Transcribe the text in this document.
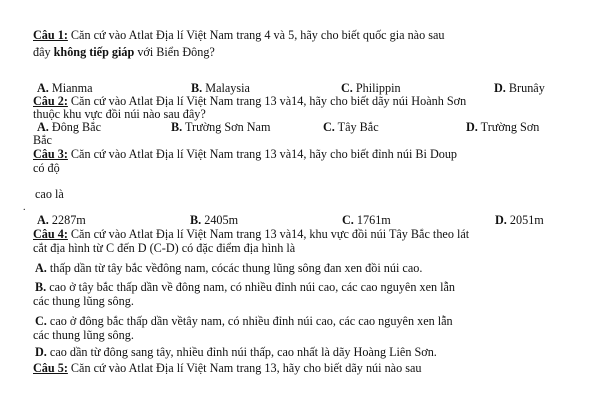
Câu 1: Căn cứ vào Atlat Địa lí Việt Nam trang 4 và 5, hãy cho biết quốc gia nào sau
đây không tiếp giáp với Biển Đông?
A. Mianma	B. Malaysia	C. Philippin	D. Brunây
Câu 2: Căn cứ vào Atlat Địa lí Việt Nam trang 13 và14, hãy cho biết dãy núi Hoành Sơn
thuộc khu vực đồi núi nào sau đây?
A. Đông Bắc	B. Trường Sơn Nam	C. Tây Bắc	D. Trường Sơn
Bắc
Câu 3: Căn cứ vào Atlat Địa lí Việt Nam trang 13 và14, hãy cho biết đỉnh núi Bi Doup
có độ
.
cao là
A. 2287m	B. 2405m	C. 1761m	D. 2051m
Câu 4: Căn cứ vào Atlat Địa lí Việt Nam trang 13 và14, khu vực đồi núi Tây Bắc theo lát
cắt địa hình từ C đến D (C-D) có đặc điểm địa hình là
A. thấp dần từ tây bắc vềđông nam, cócác thung lũng sông đan xen đồi núi cao.
B. cao ở tây bắc thấp dần về đông nam, có nhiều đỉnh núi cao, các cao nguyên xen lẫn
các thung lũng sông.
C. cao ở đông bắc thấp dần vềtây nam, có nhiều đỉnh núi cao, các cao nguyên xen lẫn
các thung lũng sông.
D. cao dần từ đông sang tây, nhiều đỉnh núi thấp, cao nhất là dãy Hoàng Liên Sơn.
Câu 5: Căn cứ vào Atlat Địa lí Việt Nam trang 13, hãy cho biết dãy núi nào sau
